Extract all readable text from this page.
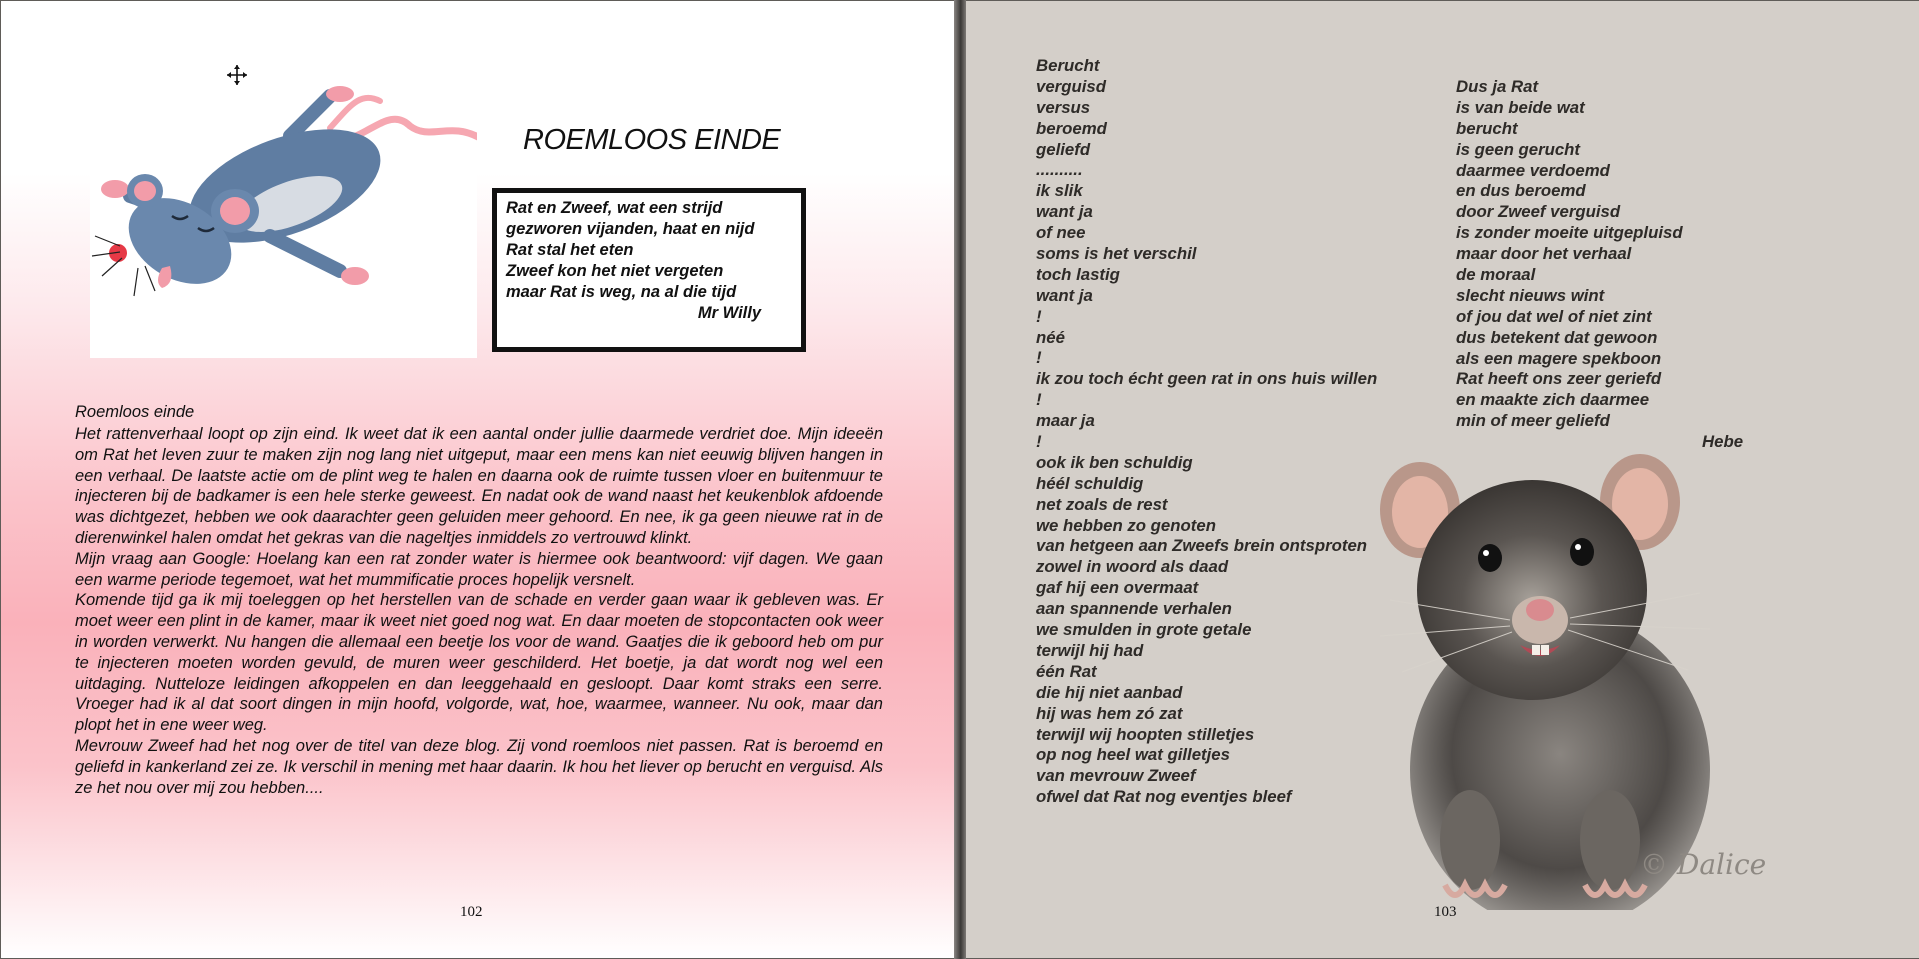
ROEMLOOS EINDE
Rat en Zweef, wat een strijd
gezworen vijanden, haat en nijd
Rat stal het eten
Zweef kon het niet vergeten
maar Rat is weg, na al die tijd
Mr Willy
Roemloos einde

Het rattenverhaal loopt op zijn eind. Ik weet dat ik een aantal onder jullie daarmede verdriet doe. Mijn ideeën om Rat het leven zuur te maken zijn nog lang niet uitgeput, maar een mens kan niet eeuwig blijven hangen in een verhaal. De laatste actie om de plint weg te halen en daarna ook de ruimte tussen vloer en buitenmuur te injecteren bij de badkamer is een hele sterke geweest. En nadat ook de wand naast het keukenblok afdoende was dichtgezet, hebben we ook daarachter geen geluiden meer gehoord. En nee, ik ga geen nieuwe rat in de dierenwinkel halen omdat het gekras van die nageltjes inmiddels zo vertrouwd klinkt.

Mijn vraag aan Google: Hoelang kan een rat zonder water is hiermee ook beantwoord: vijf dagen. We gaan een warme periode tegemoet, wat het mummificatie proces hopelijk versnelt.

Komende tijd ga ik mij toeleggen op het herstellen van de schade en verder gaan waar ik gebleven was. Er moet weer een plint in de kamer, maar ik weet niet goed nog wat. En daar moeten de stopcontacten ook weer in worden verwerkt. Nu hangen die allemaal een beetje los voor de wand. Gaatjes die ik geboord heb om pur te injecteren moeten worden gevuld, de muren weer geschilderd. Het boetje, ja dat wordt nog wel een uitdaging. Nutteloze leidingen afkoppelen en dan leeggehaald en gesloopt. Daar komt straks een serre. Vroeger had ik al dat soort dingen in mijn hoofd, volgorde, wat, hoe, waarmee, wanneer. Nu ook, maar dan plopt het in ene weer weg.

Mevrouw Zweef had het nog over de titel van deze blog. Zij vond roemloos niet passen. Rat is beroemd en geliefd in kankerland zei ze. Ik verschil in mening met haar daarin. Ik hou het liever op berucht en verguisd. Als ze het nou over mij zou hebben....

102
Berucht
verguisd
versus
beroemd
geliefd
..........
ik slik
want ja
of nee
soms is het verschil
toch lastig
want ja
!
néé
!
ik zou toch écht geen rat in ons huis willen
!
maar ja
!
ook ik ben schuldig
héél schuldig
net zoals de rest
we hebben zo genoten
van hetgeen aan Zweefs brein ontsproten
zowel in woord als daad
gaf hij een overmaat
aan spannende verhalen
we smulden in grote getale
terwijl hij had
één Rat
die hij niet aanbad
hij was hem zó zat
terwijl wij hoopten stilletjes
op nog heel wat gilletjes
van mevrouw Zweef
ofwel dat Rat nog eventjes bleef
Dus ja Rat
is van beide wat
berucht
is geen gerucht
daarmee verdoemd
en dus beroemd
door Zweef verguisd
is zonder moeite uitgepluisd
maar door het verhaal
de moraal
slecht nieuws wint
of jou dat wel of niet zint
dus betekent dat gewoon
als een magere spekboon
Rat heeft ons zeer geriefd
en maakte zich daarmee
min of meer geliefd
Hebe
© Dalice
103
